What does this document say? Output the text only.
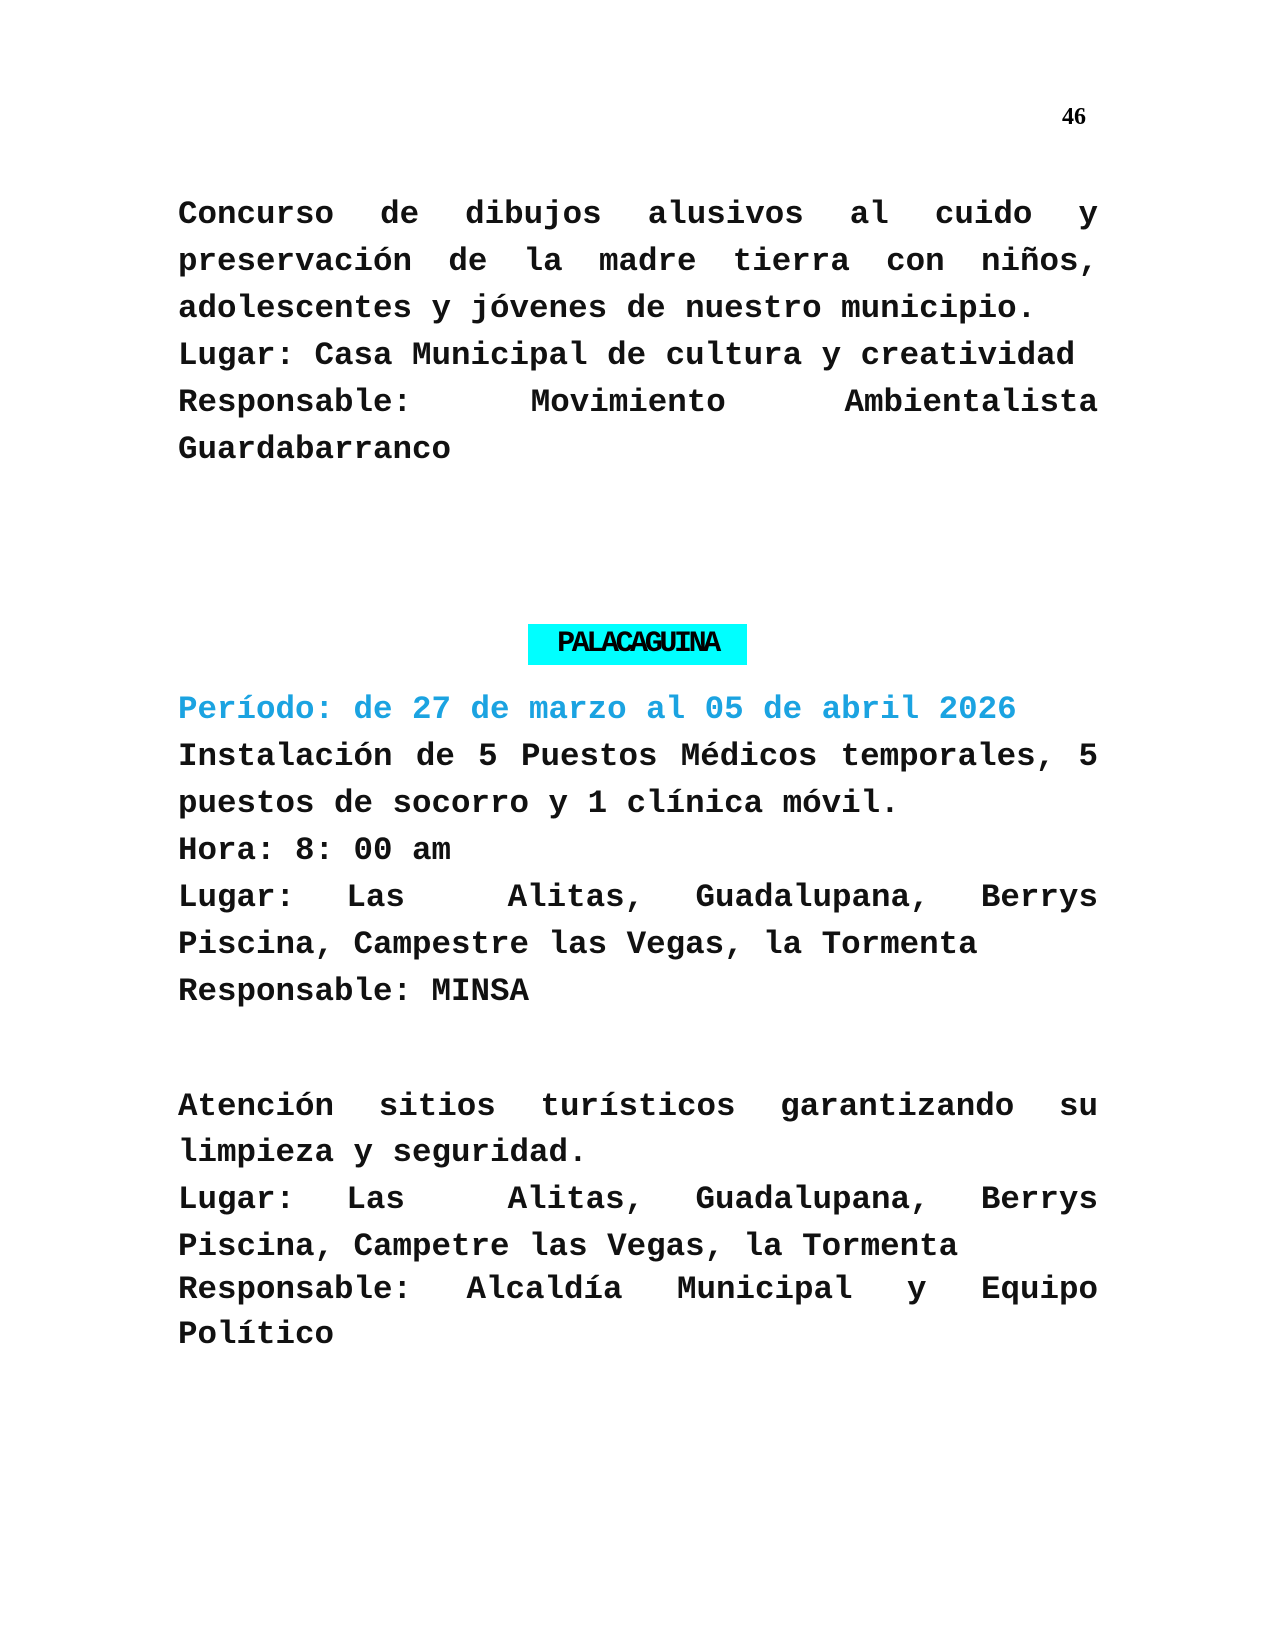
46
Concurso de dibujos alusivos al cuido y
preservación de la madre tierra con niños,
adolescentes y jóvenes de nuestro municipio.
Lugar: Casa Municipal de cultura y creatividad
Responsable:	Movimiento	Ambientalista
Guardabarranco
PALACAGUINA
Período: de 27 de marzo al 05 de abril 2026
Instalación de 5 Puestos Médicos temporales, 5
puestos de socorro y 1 clínica móvil.
Hora: 8: 00 am
Lugar: Las	Alitas, Guadalupana, Berrys
Piscina, Campestre las Vegas, la Tormenta
Responsable: MINSA
Atención sitios turísticos garantizando su
limpieza y seguridad.
Lugar: Las	Alitas, Guadalupana, Berrys
Piscina, Campetre las Vegas, la Tormenta
Responsable: Alcaldía Municipal y Equipo
Político
